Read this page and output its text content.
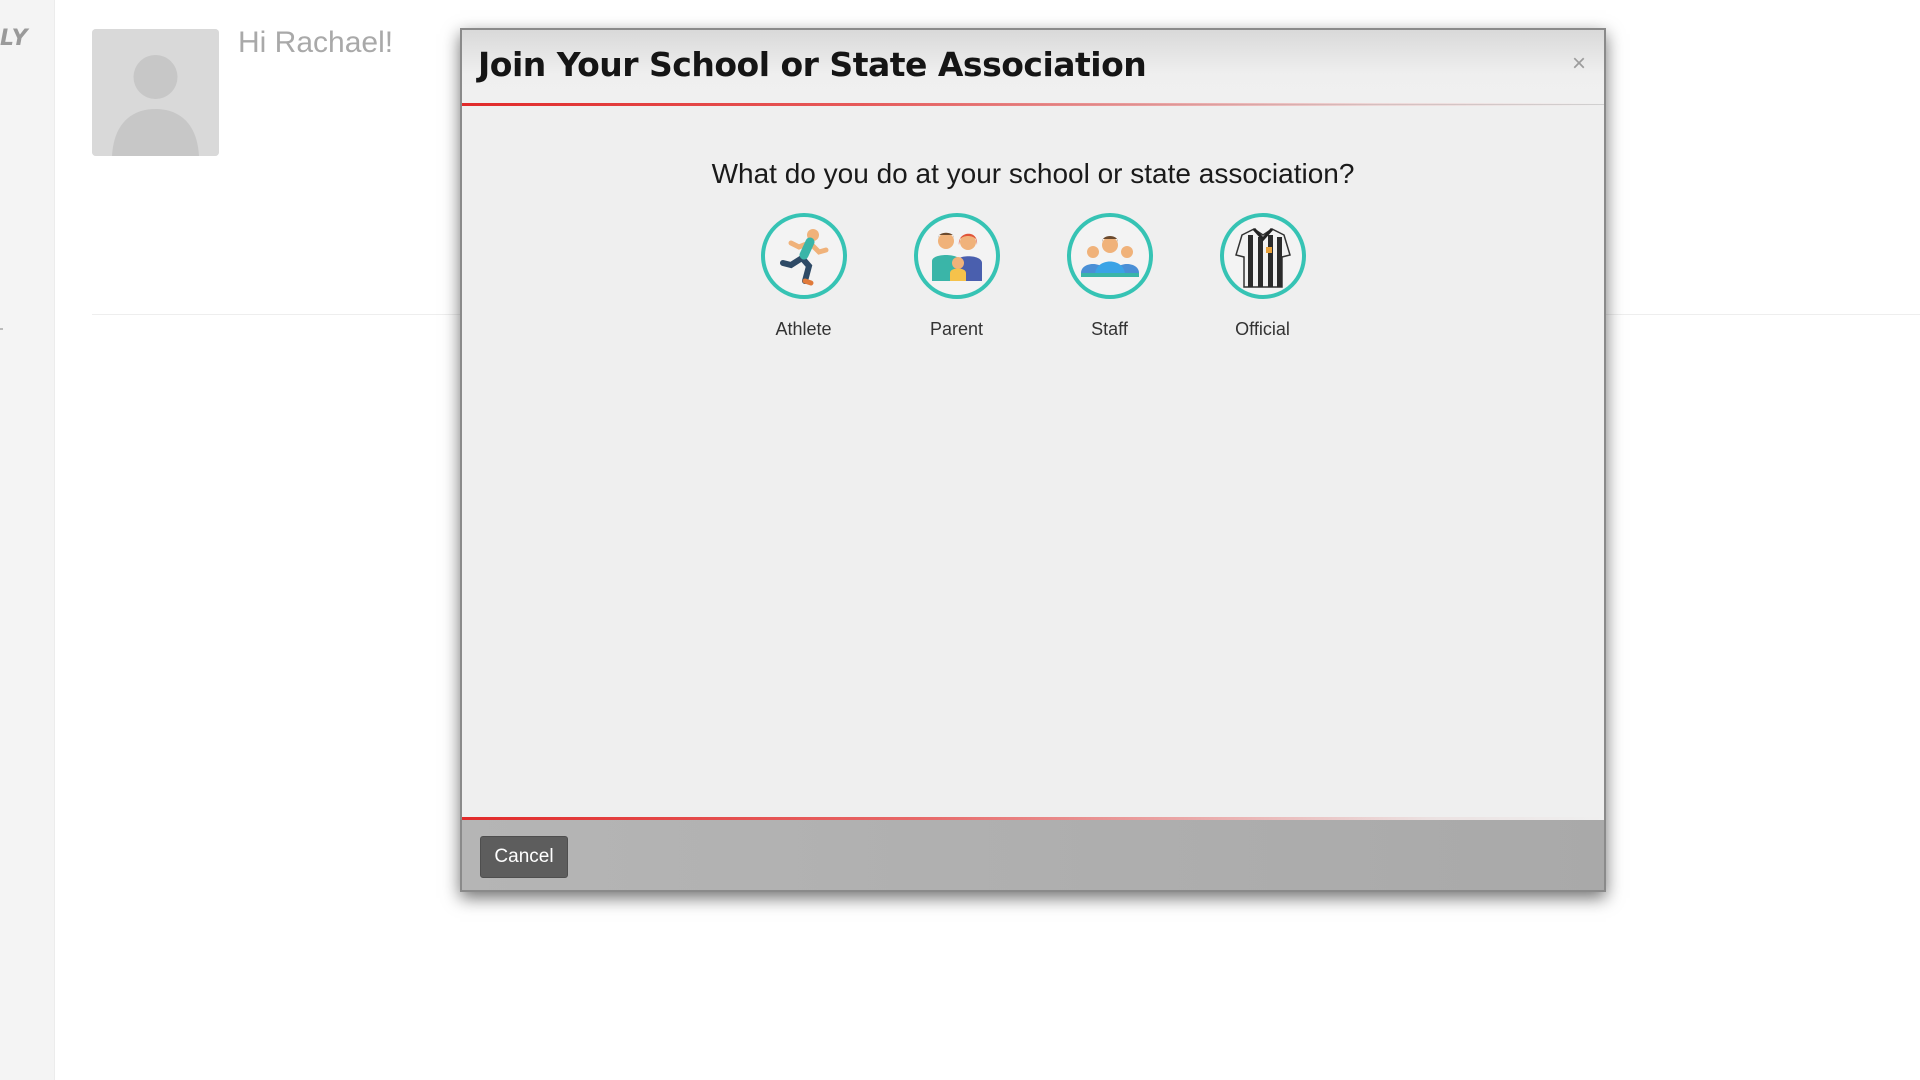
LY	Hi Rachael!
Join Your School or State Association	×
What do you do at your school or state association?
Athlete	Parent	Staff	Official
Cancel
